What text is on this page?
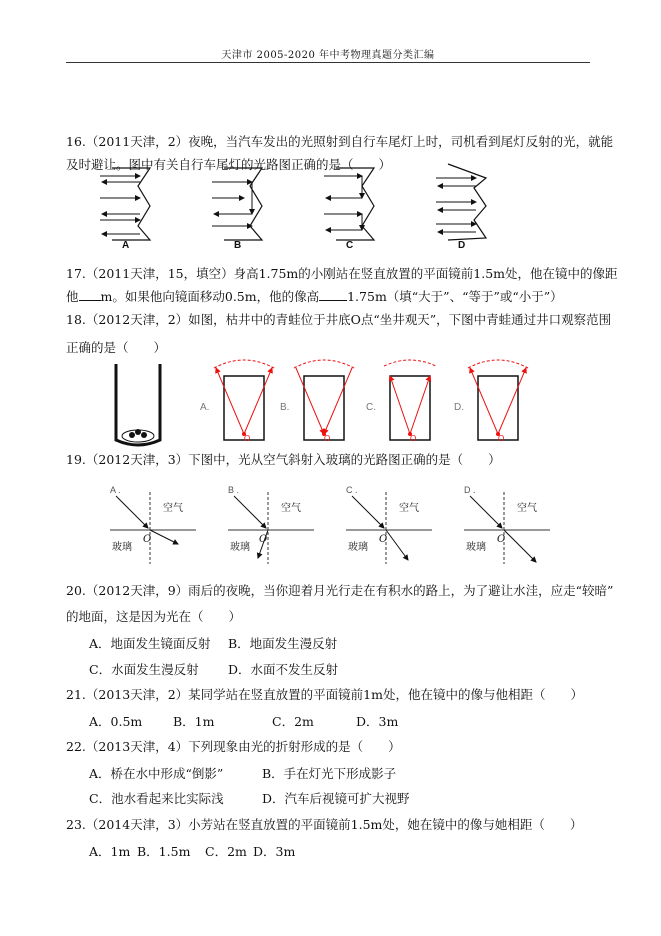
天津市 2005-2020 年中考物理真题分类汇编
16.（2011天津，2）夜晚，当汽车发出的光照射到自行车尾灯上时，司机看到尾灯反射的光，就能
及时避让。图中有关自行车尾灯的光路图正确的是（　　）
A	B	C	D
17.（2011天津，15，填空）身高1.75m的小刚站在竖直放置的平面镜前1.5m处，他在镜中的像距
他 m。如果他向镜面移动0.5m，他的像高 1.75m（填“大于”、“等于”或“小于”）
18.（2012天津，2）如图，枯井中的青蛙位于井底O点“坐井观天”，下图中青蛙通过井口观察范围
正确的是（　　）
A.	B.	C.	D.
O	O	O	O
19.（2012天津，3）下图中，光从空气斜射入玻璃的光路图正确的是（　　）
A .	B .	C .	D .
空气	空气	空气	空气
玻璃	玻璃	玻璃	玻璃
O	O	O	O
20.（2012天津，9）雨后的夜晚，当你迎着月光行走在有积水的路上，为了避让水洼，应走“较暗”
的地面，这是因为光在（　　）
A．地面发生镜面反射 B．地面发生漫反射
C．水面发生漫反射 D．水面不发生反射
21.（2013天津，2）某同学站在竖直放置的平面镜前1m处，他在镜中的像与他相距（　　）
A．0.5m B．1m	C．2m	D．3m
22.（2013天津，4）下列现象由光的折射形成的是（　　）
A．桥在水中形成“倒影”	B．手在灯光下形成影子
C．池水看起来比实际浅	D．汽车后视镜可扩大视野
23.（2014天津，3）小芳站在竖直放置的平面镜前1.5m处，她在镜中的像与她相距（　　）
A．1m B．1.5m C．2m D．3m
